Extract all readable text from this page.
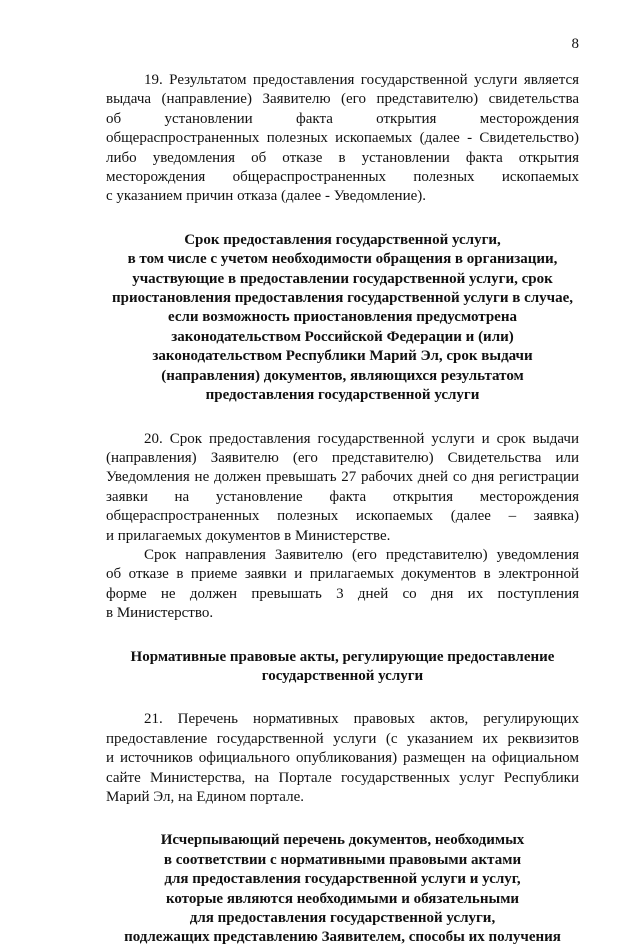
8

19. Результатом предоставления государственной услуги является
выдача (направление) Заявителю (его представителю) свидетельства
об установлении факта открытия месторождения
общераспространенных полезных ископаемых (далее - Свидетельство)
либо уведомления об отказе в установлении факта открытия
месторождения общераспространенных полезных ископаемых
с указанием причин отказа (далее - Уведомление).

Срок предоставления государственной услуги,
в том числе с учетом необходимости обращения в организации,
участвующие в предоставлении государственной услуги, срок
приостановления предоставления государственной услуги в случае,
если возможность приостановления предусмотрена
законодательством Российской Федерации и (или)
законодательством Республики Марий Эл, срок выдачи
(направления) документов, являющихся результатом
предоставления государственной услуги

20. Срок предоставления государственной услуги и срок выдачи
(направления) Заявителю (его представителю) Свидетельства или
Уведомления не должен превышать 27 рабочих дней со дня регистрации
заявки на установление факта открытия месторождения
общераспространенных полезных ископаемых (далее – заявка)
и прилагаемых документов в Министерстве.

Срок направления Заявителю (его представителю) уведомления
об отказе в приеме заявки и прилагаемых документов в электронной
форме не должен превышать 3 дней со дня их поступления
в Министерство.

Нормативные правовые акты, регулирующие предоставление
государственной услуги

21. Перечень нормативных правовых актов, регулирующих
предоставление государственной услуги (с указанием их реквизитов
и источников официального опубликования) размещен на официальном
сайте Министерства, на Портале государственных услуг Республики
Марий Эл, на Едином портале.

Исчерпывающий перечень документов, необходимых
в соответствии с нормативными правовыми актами
для предоставления государственной услуги и услуг,
которые являются необходимыми и обязательными
для предоставления государственной услуги,
подлежащих представлению Заявителем, способы их получения
